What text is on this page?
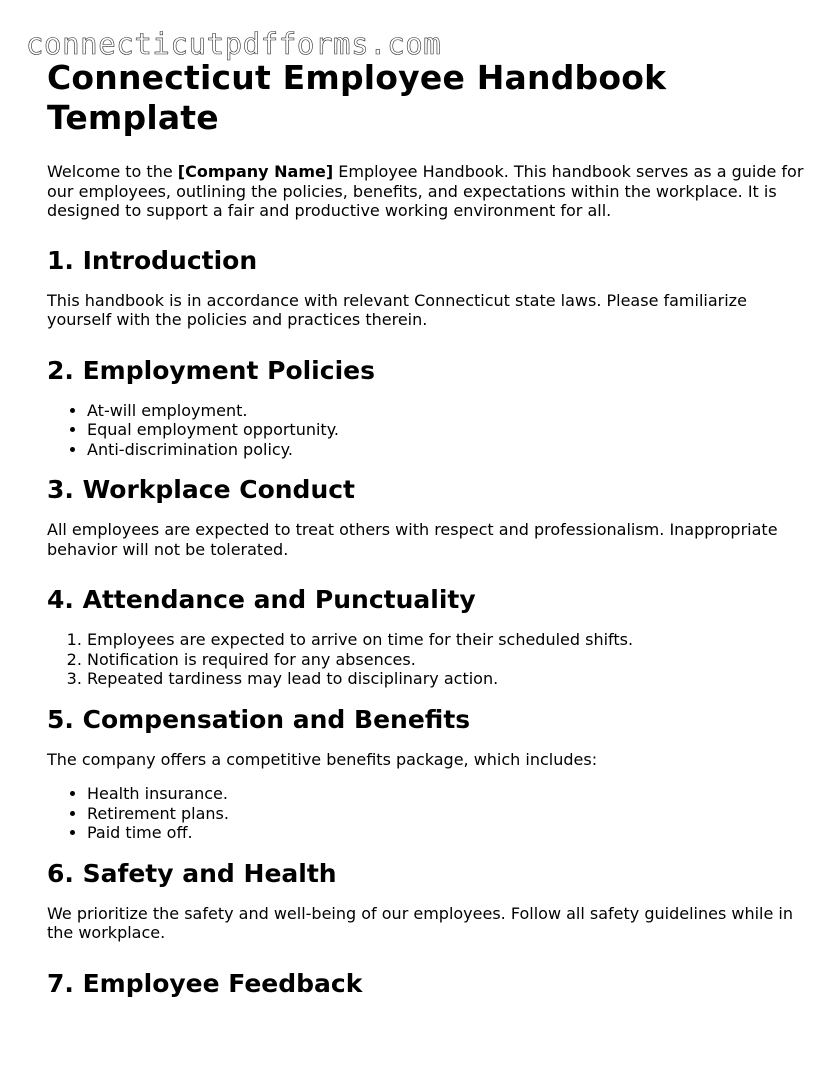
connecticutpdfforms.com
Connecticut Employee Handbook Template

Welcome to the [Company Name] Employee Handbook. This handbook serves as a guide for our employees, outlining the policies, benefits, and expectations within the workplace. It is designed to support a fair and productive working environment for all.

1. Introduction

This handbook is in accordance with relevant Connecticut state laws. Please familiarize yourself with the policies and practices therein.

2. Employment Policies
• At-will employment.
• Equal employment opportunity.
• Anti-discrimination policy.
3. Workplace Conduct

All employees are expected to treat others with respect and professionalism. Inappropriate behavior will not be tolerated.

4. Attendance and Punctuality
1. Employees are expected to arrive on time for their scheduled shifts.
2. Notification is required for any absences.
3. Repeated tardiness may lead to disciplinary action.
5. Compensation and Benefits

The company offers a competitive benefits package, which includes:

• Health insurance.
• Retirement plans.
• Paid time off.
6. Safety and Health

We prioritize the safety and well-being of our employees. Follow all safety guidelines while in the workplace.

7. Employee Feedback
